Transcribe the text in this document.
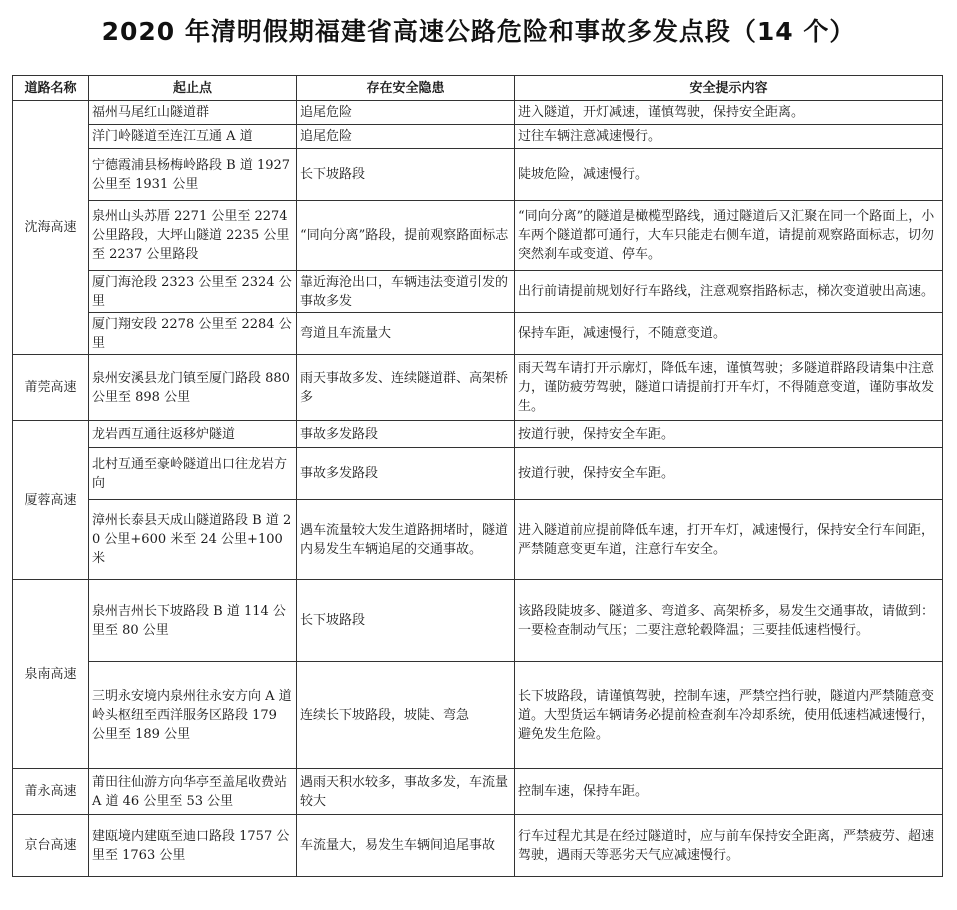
2020 年清明假期福建省高速公路危险和事故多发点段（14 个）
道路名称	起止点	存在安全隐患	安全提示内容
沈海高速	福州马尾红山隧道群	追尾危险	进入隧道，开灯减速，谨慎驾驶，保持安全距离。
	洋门岭隧道至连江互通 A 道	追尾危险	过往车辆注意减速慢行。
	宁德霞浦县杨梅岭路段 B 道 1927 公里至 1931 公里	长下坡路段	陡坡危险，减速慢行。
	泉州山头苏厝 2271 公里至 2274 公里路段，大坪山隧道 2235 公里至 2237 公里路段	“同向分离”路段，提前观察路面标志	“同向分离”的隧道是橄榄型路线，通过隧道后又汇聚在同一个路面上，小车两个隧道都可通行，大车只能走右侧车道，请提前观察路面标志，切勿突然刹车或变道、停车。
	厦门海沧段 2323 公里至 2324 公里	靠近海沧出口，车辆违法变道引发的事故多发	出行前请提前规划好行车路线，注意观察指路标志，梯次变道驶出高速。
	厦门翔安段 2278 公里至 2284 公里	弯道且车流量大	保持车距，减速慢行，不随意变道。
莆莞高速	泉州安溪县龙门镇至厦门路段 880 公里至 898 公里	雨天事故多发、连续隧道群、高架桥多	雨天驾车请打开示廓灯，降低车速，谨慎驾驶；多隧道群路段请集中注意力，谨防疲劳驾驶，隧道口请提前打开车灯，不得随意变道，谨防事故发生。
厦蓉高速	龙岩西互通往返移炉隧道	事故多发路段	按道行驶，保持安全车距。
	北村互通至豪岭隧道出口往龙岩方向	事故多发路段	按道行驶，保持安全车距。
	漳州长泰县天成山隧道路段 B 道 20 公里+600 米至 24 公里+100 米	遇车流量较大发生道路拥堵时，隧道内易发生车辆追尾的交通事故。	进入隧道前应提前降低车速，打开车灯，减速慢行，保持安全行车间距，严禁随意变更车道，注意行车安全。
泉南高速	泉州吉州长下坡路段 B 道 114 公里至 80 公里	长下坡路段	该路段陡坡多、隧道多、弯道多、高架桥多，易发生交通事故，请做到：一要检查制动气压；二要注意轮毂降温；三要挂低速档慢行。
	三明永安境内泉州往永安方向 A 道岭头枢纽至西洋服务区路段 179 公里至 189 公里	连续长下坡路段，坡陡、弯急	长下坡路段，请谨慎驾驶，控制车速，严禁空挡行驶，隧道内严禁随意变道。大型货运车辆请务必提前检查刹车冷却系统，使用低速档减速慢行，避免发生危险。
莆永高速	莆田往仙游方向华亭至盖尾收费站 A 道 46 公里至 53 公里	遇雨天积水较多，事故多发，车流量较大	控制车速，保持车距。
京台高速	建瓯境内建瓯至迪口路段 1757 公里至 1763 公里	车流量大，易发生车辆间追尾事故	行车过程尤其是在经过隧道时，应与前车保持安全距离，严禁疲劳、超速驾驶，遇雨天等恶劣天气应减速慢行。
